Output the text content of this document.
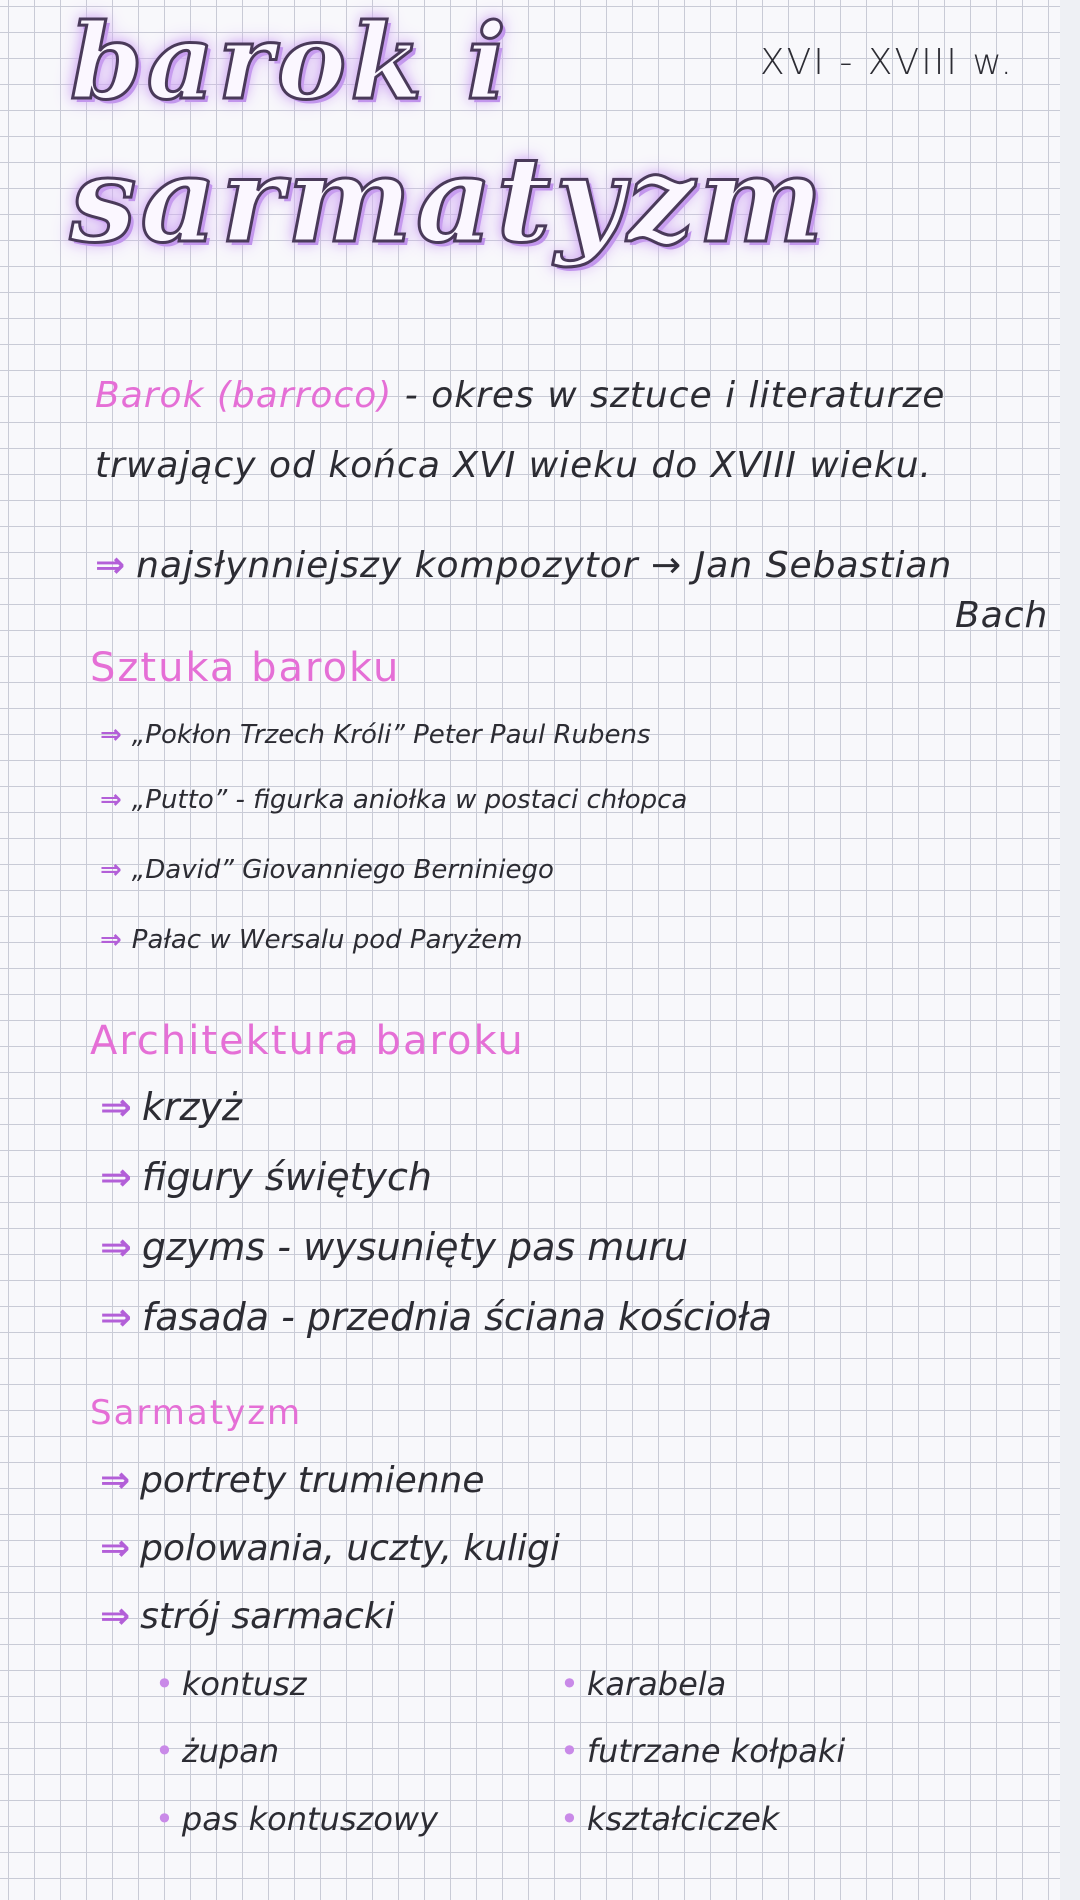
barok i
sarmatyzm
XVI - XVIII w.
Barok (barroco) - okres w sztuce i literaturze
trwający od końca XVI wieku do XVIII wieku.
⇒ najsłynniejszy kompozytor → Jan Sebastian
Bach
Sztuka baroku
⇒ „Pokłon Trzech Króli” Peter Paul Rubens
⇒ „Putto” - figurka aniołka w postaci chłopca
⇒ „David” Giovanniego Berniniego
⇒ Pałac w Wersalu pod Paryżem
Architektura baroku
⇒ krzyż
⇒ figury świętych
⇒ gzyms - wysunięty pas muru
⇒ fasada - przednia ściana kościoła
Sarmatyzm
⇒ portrety trumienne
⇒ polowania, uczty, kuligi
⇒ strój sarmacki
• kontusz
• żupan
• pas kontuszowy
• karabela
• futrzane kołpaki
• kształciczek
